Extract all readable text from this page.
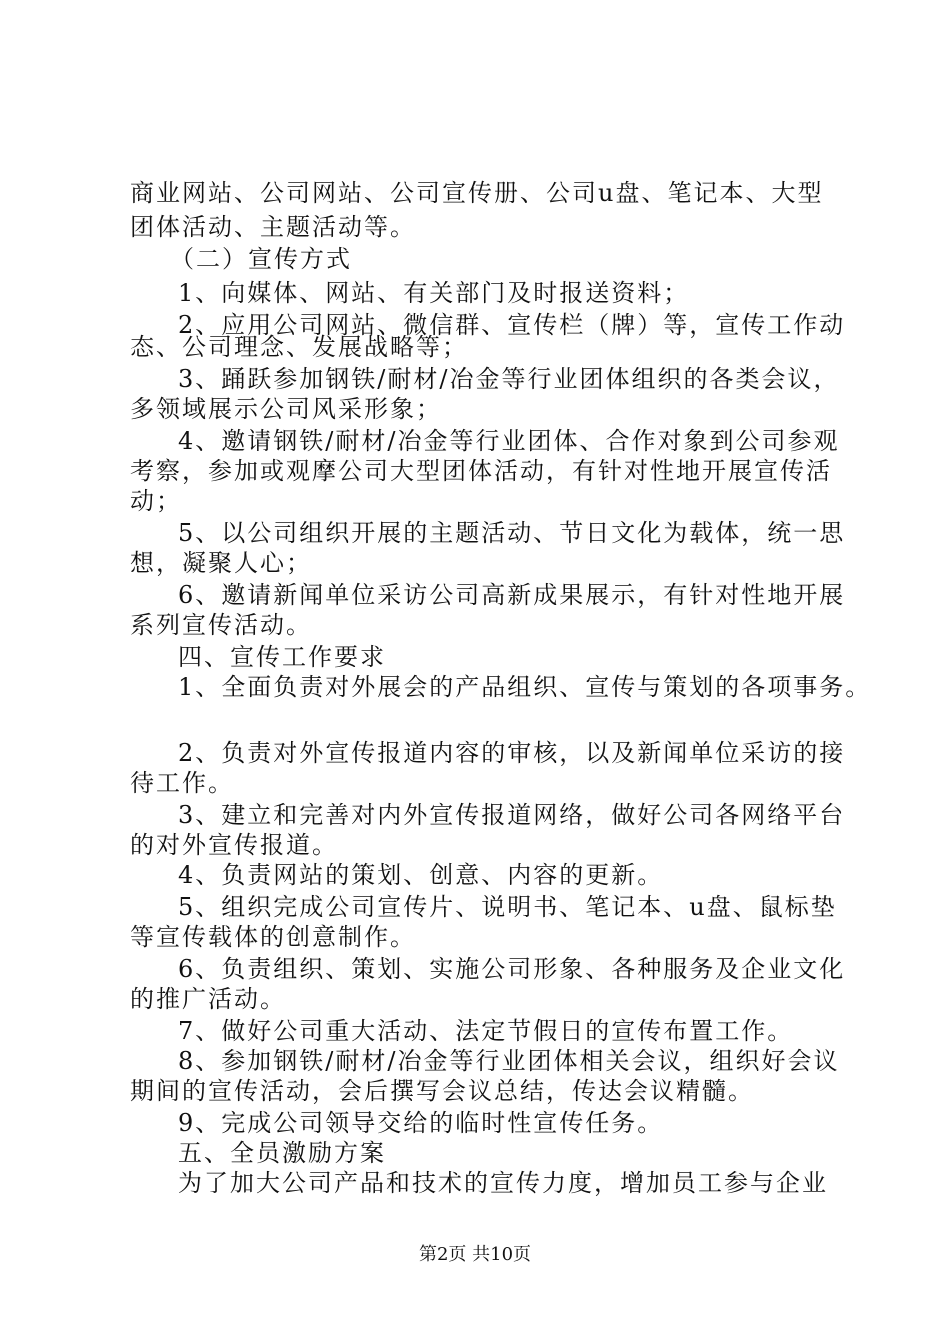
商业网站、公司网站、公司宣传册、公司u盘、笔记本、大型
团体活动、主题活动等。
（二）宣传方式
1、向媒体、网站、有关部门及时报送资料；
2、应用公司网站、微信群、宣传栏（牌）等，宣传工作动
态、公司理念、发展战略等；
3、踊跃参加钢铁/耐材/冶金等行业团体组织的各类会议，
多领域展示公司风采形象；
4、邀请钢铁/耐材/冶金等行业团体、合作对象到公司参观
考察，参加或观摩公司大型团体活动，有针对性地开展宣传活
动；
5、以公司组织开展的主题活动、节日文化为载体，统一思
想，凝聚人心；
6、邀请新闻单位采访公司高新成果展示，有针对性地开展
系列宣传活动。
四、宣传工作要求
1、全面负责对外展会的产品组织、宣传与策划的各项事务。
2、负责对外宣传报道内容的审核，以及新闻单位采访的接
待工作。
3、建立和完善对内外宣传报道网络，做好公司各网络平台
的对外宣传报道。
4、负责网站的策划、创意、内容的更新。
5、组织完成公司宣传片、说明书、笔记本、u盘、鼠标垫
等宣传载体的创意制作。
6、负责组织、策划、实施公司形象、各种服务及企业文化
的推广活动。
7、做好公司重大活动、法定节假日的宣传布置工作。
8、参加钢铁/耐材/冶金等行业团体相关会议，组织好会议
期间的宣传活动，会后撰写会议总结，传达会议精髓。
9、完成公司领导交给的临时性宣传任务。
五、全员激励方案
为了加大公司产品和技术的宣传力度，增加员工参与企业
第2页 共10页
